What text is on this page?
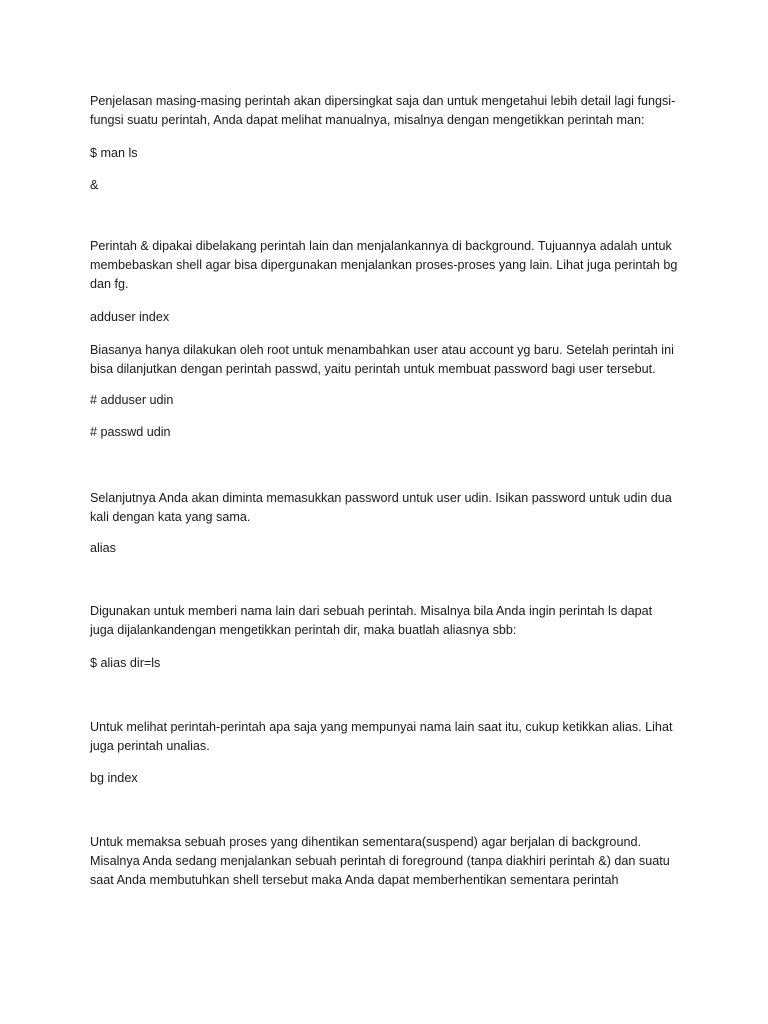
Penjelasan masing-masing perintah akan dipersingkat saja dan untuk mengetahui lebih detail lagi fungsi-

fungsi suatu perintah, Anda dapat melihat manualnya, misalnya dengan mengetikkan perintah man:

$ man ls

&

Perintah & dipakai dibelakang perintah lain dan menjalankannya di background. Tujuannya adalah untuk

membebaskan shell agar bisa dipergunakan menjalankan proses-proses yang lain. Lihat juga perintah bg

dan fg.

adduser index

Biasanya hanya dilakukan oleh root untuk menambahkan user atau account yg baru. Setelah perintah ini

bisa dilanjutkan dengan perintah passwd, yaitu perintah untuk membuat password bagi user tersebut.

# adduser udin

# passwd udin

Selanjutnya Anda akan diminta memasukkan password untuk user udin. Isikan password untuk udin dua

kali dengan kata yang sama.

alias

Digunakan untuk memberi nama lain dari sebuah perintah. Misalnya bila Anda ingin perintah ls dapat

juga dijalankandengan mengetikkan perintah dir, maka buatlah aliasnya sbb:

$ alias dir=ls

Untuk melihat perintah-perintah apa saja yang mempunyai nama lain saat itu, cukup ketikkan alias. Lihat

juga perintah unalias.

bg index

Untuk memaksa sebuah proses yang dihentikan sementara(suspend) agar berjalan di background.

Misalnya Anda sedang menjalankan sebuah perintah di foreground (tanpa diakhiri perintah &) dan suatu

saat Anda membutuhkan shell tersebut maka Anda dapat memberhentikan sementara perintah
